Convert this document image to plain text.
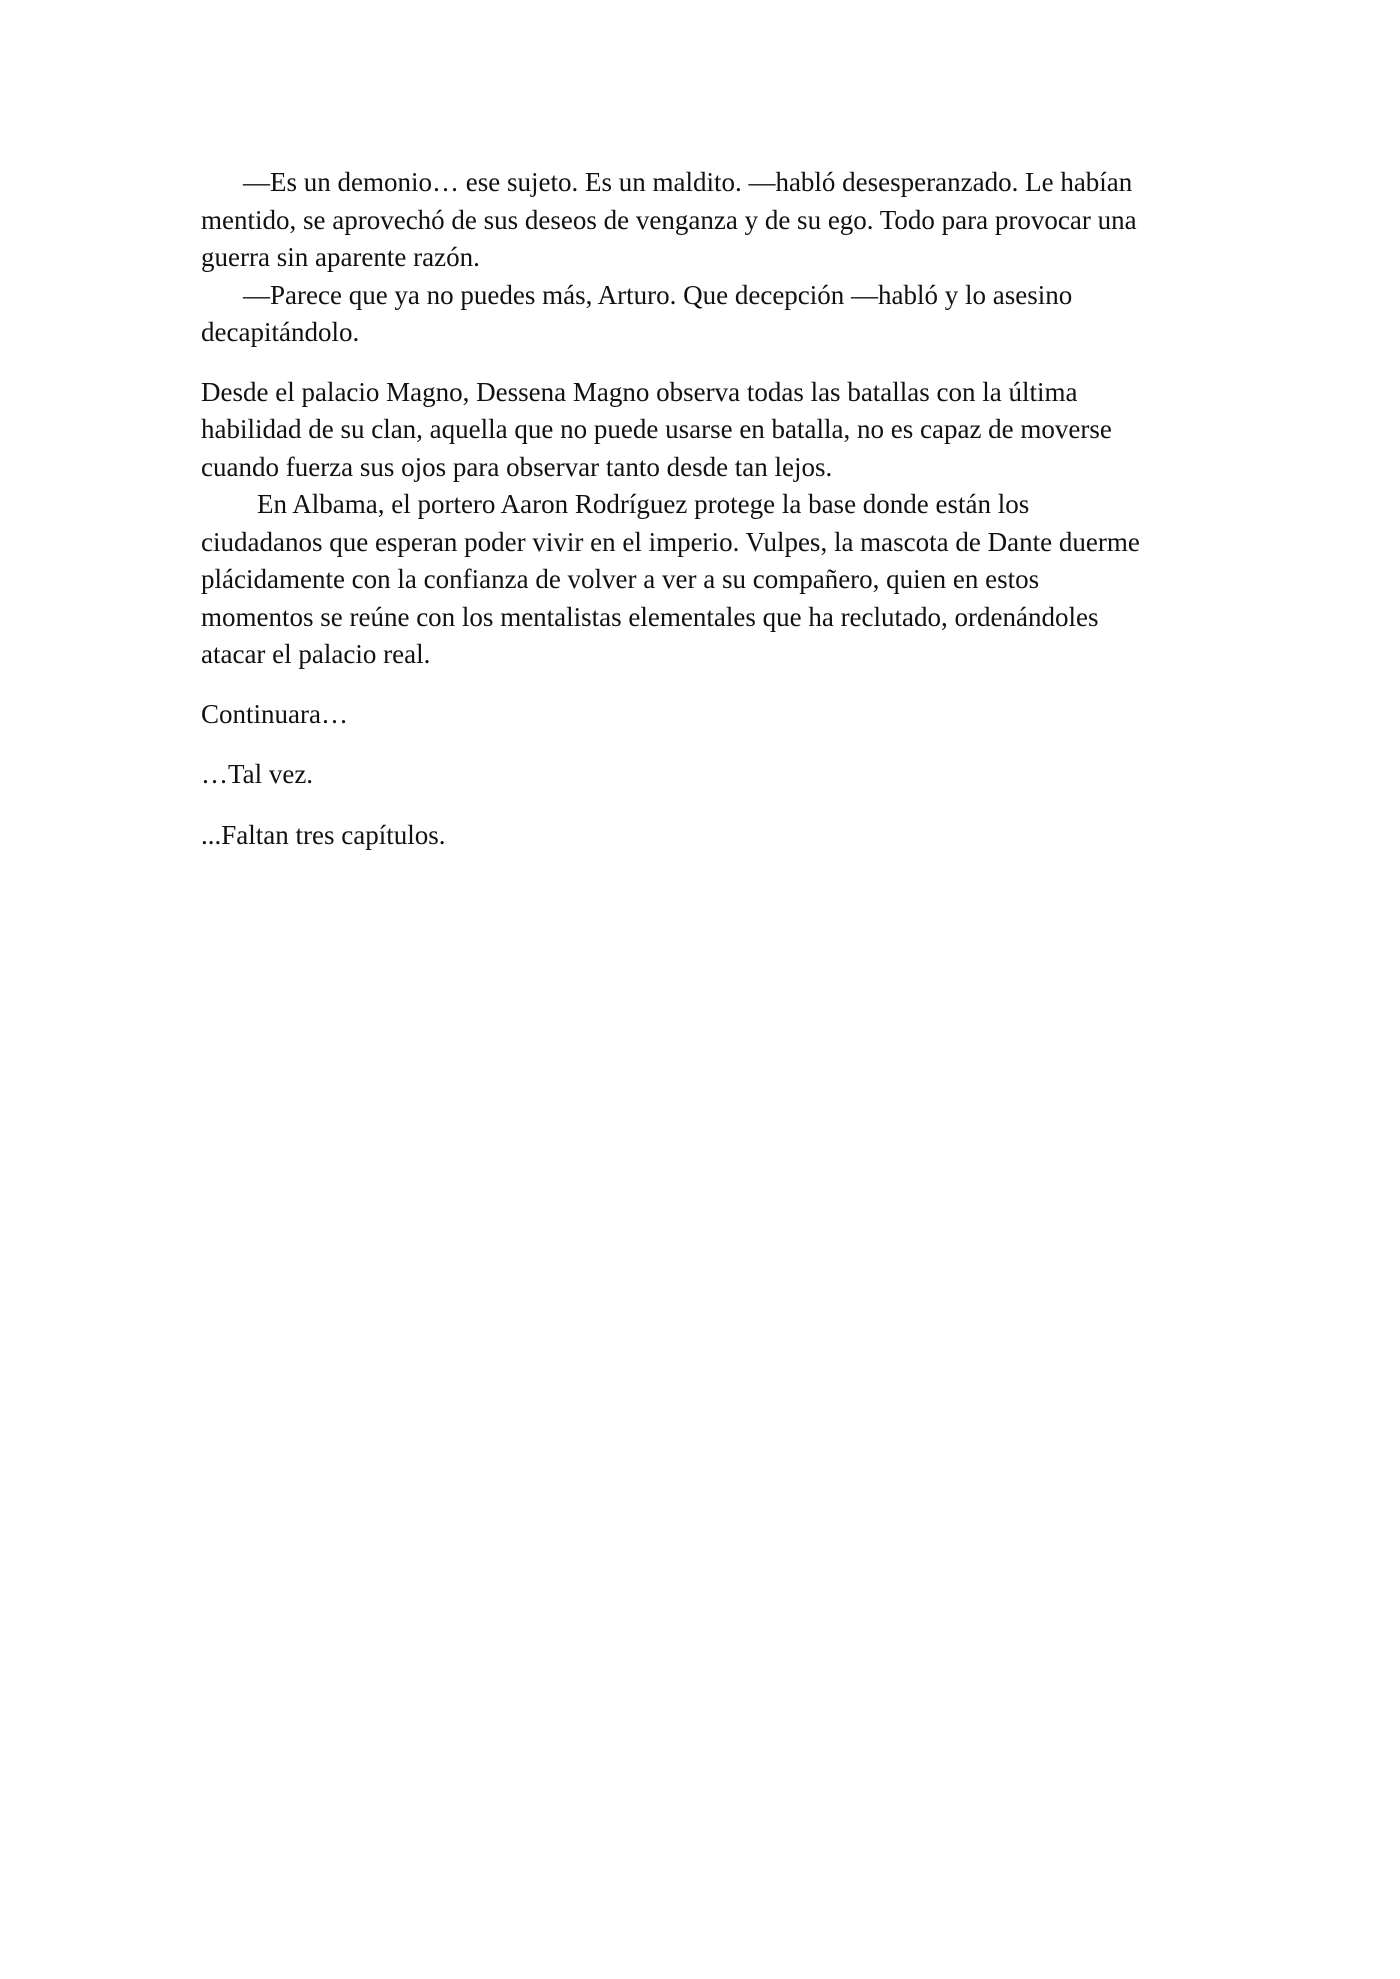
—Es un demonio… ese sujeto. Es un maldito. —habló desesperanzado. Le habían
mentido, se aprovechó de sus deseos de venganza y de su ego. Todo para provocar una
guerra sin aparente razón.

—Parece que ya no puedes más, Arturo. Que decepción —habló y lo asesino
decapitándolo.

Desde el palacio Magno, Dessena Magno observa todas las batallas con la última
habilidad de su clan, aquella que no puede usarse en batalla, no es capaz de moverse
cuando fuerza sus ojos para observar tanto desde tan lejos.

En Albama, el portero Aaron Rodríguez protege la base donde están los
ciudadanos que esperan poder vivir en el imperio. Vulpes, la mascota de Dante duerme
plácidamente con la confianza de volver a ver a su compañero, quien en estos
momentos se reúne con los mentalistas elementales que ha reclutado, ordenándoles
atacar el palacio real.

Continuara…

…Tal vez.

...Faltan tres capítulos.
